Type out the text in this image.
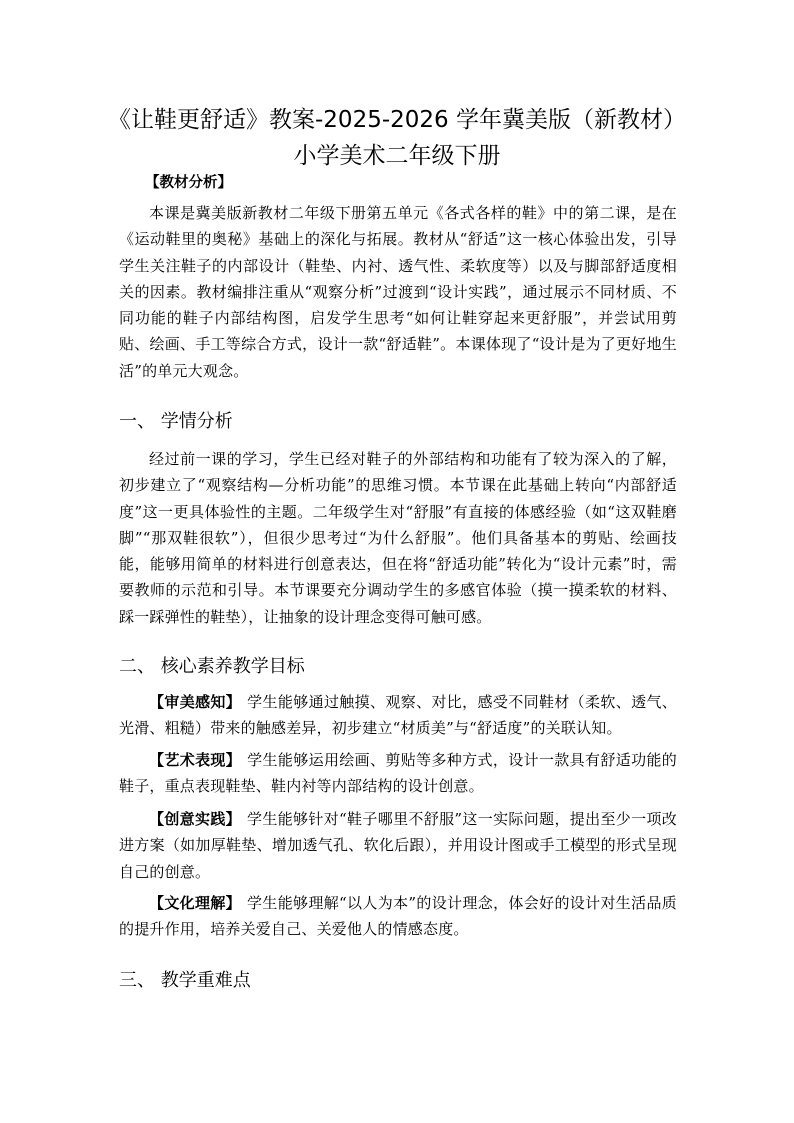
《让鞋更舒适》教案-2025-2026 学年冀美版（新教材）
小学美术二年级下册

【教材分析】

本课是冀美版新教材二年级下册第五单元《各式各样的鞋》中的第二课，是在《运动鞋里的奥秘》基础上的深化与拓展。教材从“舒适”这一核心体验出发，引导学生关注鞋子的内部设计（鞋垫、内衬、透气性、柔软度等）以及与脚部舒适度相关的因素。教材编排注重从“观察分析”过渡到“设计实践”，通过展示不同材质、不同功能的鞋子内部结构图，启发学生思考“如何让鞋穿起来更舒服”，并尝试用剪贴、绘画、手工等综合方式，设计一款“舒适鞋”。本课体现了“设计是为了更好地生活”的单元大观念。

一、 学情分析

经过前一课的学习，学生已经对鞋子的外部结构和功能有了较为深入的了解，初步建立了“观察结构—分析功能”的思维习惯。本节课在此基础上转向“内部舒适度”这一更具体验性的主题。二年级学生对“舒服”有直接的体感经验（如“这双鞋磨脚”“那双鞋很软”），但很少思考过“为什么舒服”。他们具备基本的剪贴、绘画技能，能够用简单的材料进行创意表达，但在将“舒适功能”转化为“设计元素”时，需要教师的示范和引导。本节课要充分调动学生的多感官体验（摸一摸柔软的材料、踩一踩弹性的鞋垫），让抽象的设计理念变得可触可感。

二、 核心素养教学目标

【审美感知】 学生能够通过触摸、观察、对比，感受不同鞋材（柔软、透气、光滑、粗糙）带来的触感差异，初步建立“材质美”与“舒适度”的关联认知。

【艺术表现】 学生能够运用绘画、剪贴等多种方式，设计一款具有舒适功能的鞋子，重点表现鞋垫、鞋内衬等内部结构的设计创意。

【创意实践】 学生能够针对“鞋子哪里不舒服”这一实际问题，提出至少一项改进方案（如加厚鞋垫、增加透气孔、软化后跟），并用设计图或手工模型的形式呈现自己的创意。

【文化理解】 学生能够理解“以人为本”的设计理念，体会好的设计对生活品质的提升作用，培养关爱自己、关爱他人的情感态度。

三、 教学重难点
